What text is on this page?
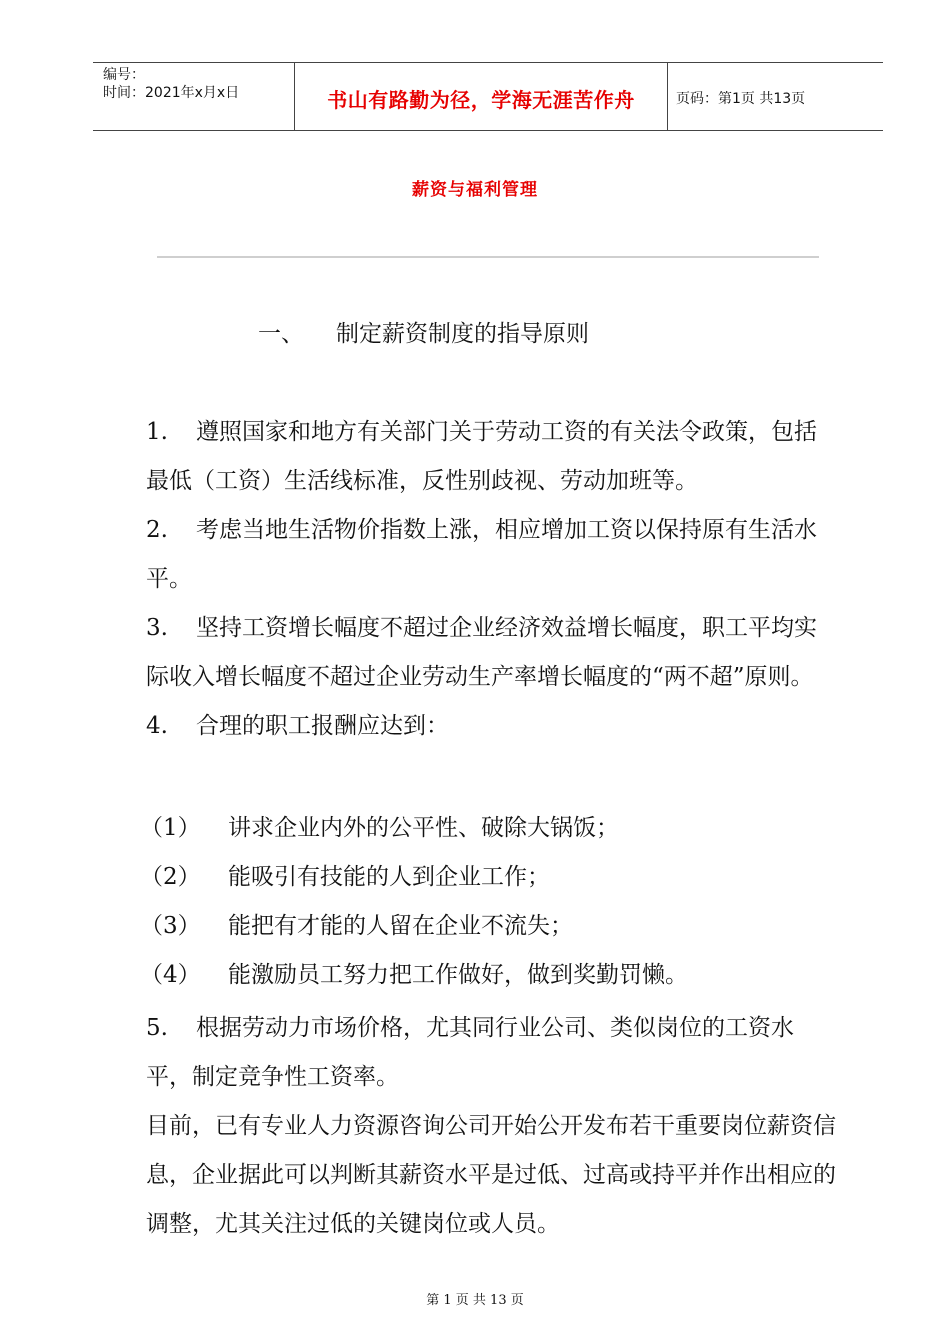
编号：
时间：2021年x月x日	书山有路勤为径，学海无涯苦作舟	页码：第1页 共13页
薪资与福利管理
一、 制定薪资制度的指导原则

1. 遵照国家和地方有关部门关于劳动工资的有关法令政策，包括最低（工资）生活线标准，反性别歧视、劳动加班等。

2. 考虑当地生活物价指数上涨，相应增加工资以保持原有生活水平。

3. 坚持工资增长幅度不超过企业经济效益增长幅度，职工平均实际收入增长幅度不超过企业劳动生产率增长幅度的“两不超”原则。

4. 合理的职工报酬应达到：

（1） 讲求企业内外的公平性、破除大锅饭；

（2） 能吸引有技能的人到企业工作；

（3） 能把有才能的人留在企业不流失；

（4） 能激励员工努力把工作做好，做到奖勤罚懒。

5. 根据劳动力市场价格，尤其同行业公司、类似岗位的工资水平，制定竞争性工资率。

目前，已有专业人力资源咨询公司开始公开发布若干重要岗位薪资信息，企业据此可以判断其薪资水平是过低、过高或持平并作出相应的调整，尤其关注过低的关键岗位或人员。

第 1 页 共 13 页
